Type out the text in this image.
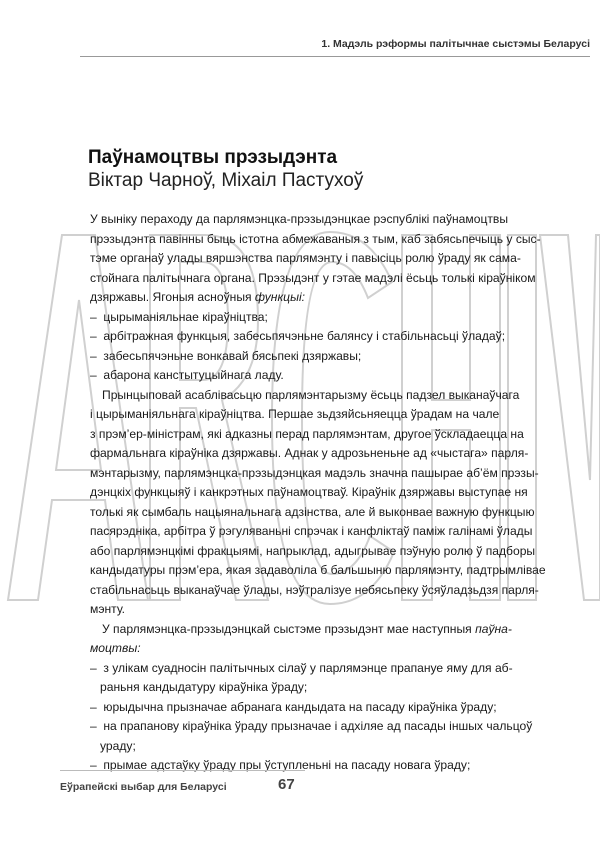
1. Мадэль рэформы палітычнае сыстэмы Беларусі
Паўнамоцтвы прэзыдэнта
Віктар Чарноў, Міхаіл Пастухоў
У выніку пераходу да парлямэнцка-прэзыдэнцкае рэспублікі паўнамоцтвы
прэзыдэнта павінны быць істотна абмежаваныя з тым, каб забясьпечыць у сыс-
тэме органаў улады вяршэнства парлямэнту і павысіць ролю ўраду як сама-
стойнага палітычнага органа. Прэзыдэнт у гэтае мадэлі ёсьць толькі кіраўніком
дзяржавы. Ягоныя асноўныя функцыі:
– цырыманіяльнае кіраўніцтва;
– арбітражная функцыя, забесьпячэньне балянсу і стабільнасьці ўладаў;
– забесьпячэньне вонкавай бясьпекі дзяржавы;
– абарона канстытуцыйнага ладу.
Прынцыповай асаблівасьцю парлямэнтарызму ёсьць падзел выканаўчага
і цырыманіяльнага кіраўніцтва. Першае зьдзяйсьняецца ўрадам на чале
з прэм’ер-міністрам, які адказны перад парлямэнтам, другое ўскладаецца на
фармальнага кіраўніка дзяржавы. Аднак у адрозьненьне ад «чыстага» парля-
мэнтарызму, парлямэнцка-прэзыдэнцкая мадэль значна пашырае аб’ём прэзы-
дэнцкіх функцыяў і канкрэтных паўнамоцтваў. Кіраўнік дзяржавы выступае ня
толькі як сымбаль нацыянальнага адзінства, але й выконвае важную функцыю
пасярэдніка, арбітра ў рэгуляваньні спрэчак і канфліктаў паміж галінамі ўлады
або парлямэнцкімі фракцыямі, напрыклад, адыгрывае пэўную ролю ў падборы
кандыдатуры прэм’ера, якая задаволіла б бальшыню парлямэнту, падтрымлівае
стабільнасьць выканаўчае ўлады, нэўтралізуе небясьпеку ўсяўладзьдзя парля-
мэнту.
У парлямэнцка-прэзыдэнцкай сыстэме прэзыдэнт мае наступныя паўна-
моцтвы:
– з улікам суадносін палітычных сілаў у парлямэнце прапануе яму для аб-
раньня кандыдатуру кіраўніка ўраду;
– юрыдычна прызначае абранага кандыдата на пасаду кіраўніка ўраду;
– на прапанову кіраўніка ўраду прызначае і адхіляе ад пасады іншых чальцоў
ураду;
– прымае адстаўку ўраду пры ўступленьні на пасаду новага ўраду;
Еўрапейскі выбар для Беларусі	67
